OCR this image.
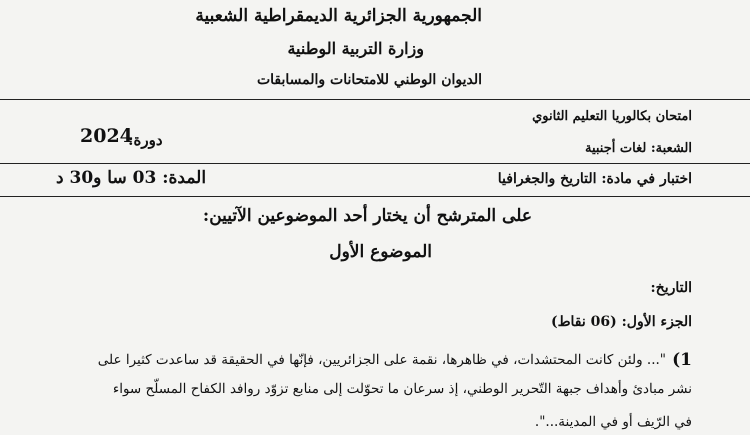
الجمهورية الجزائرية الديمقراطية الشعبية
وزارة التربية الوطنية
الديوان الوطني للامتحانات والمسابقات
امتحان بكالوريا التعليم الثانوي
دورة:
2024
الشعبة: لغات أجنبية
اختبار في مادة: التاريخ والجغرافيا
المدة: 03 سا و30 د
على المترشح أن يختار أحد الموضوعين الآتيين:
الموضوع الأول
التاريخ:
الجزء الأول: (06 نقاط)
1)
"... ولئن كانت المحتشدات، في ظاهرها، نقمة على الجزائريين، فإنّها في الحقيقة قد ساعدت كثيرا على
نشر مبادئ وأهداف جبهة التّحرير الوطني، إذ سرعان ما تحوّلت إلى منابع تزوّد روافد الكفاح المسلّح سواء
في الرّيف أو في المدينة...".
